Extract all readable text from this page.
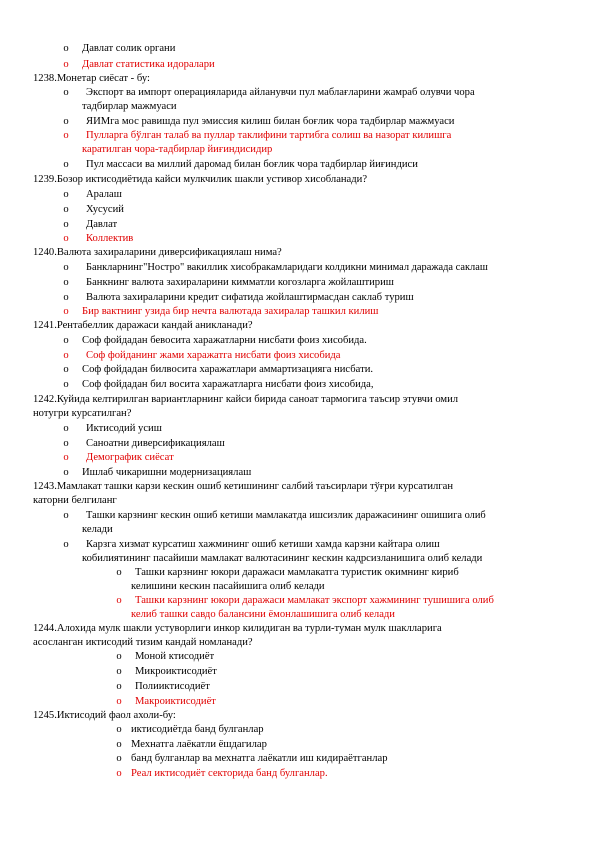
o Давлат солик органи
o Давлат статистика идоралари
1238.Монетар сиёсат - бу:
o Экспорт ва импорт операцияларида айланувчи пул маблағларини жамраб олувчи чора
тадбирлар мажмуаси
o ЯИМга мос равишда пул эмиссия килиш билан боғлик чора тадбирлар мажмуаси
o Пулларга бўлган талаб ва пуллар таклифини тартибга солиш ва назорат килишга
каратилган чора-тадбирлар йиғиндисидир
o Пул массаси ва миллий даромад билан боғлик чора тадбирлар йиғиндиси
1239.Бозор иктисодиётида кайси мулкчилик шакли устивор хисобланади?
o Аралаш
o Хусусий
o Давлат
o Коллектив
1240.Валюта захираларини диверсификациялаш нима?
o Банкларнинг"Ностро" вакиллик хисобракамларидаги колдикни минимал даражада саклаш
o Банкнинг валюта захираларини кимматли когозларга жойлаштириш
o Валюта захираларини кредит сифатида жойлаштирмасдан саклаб туриш
o Бир вактнинг узида бир нечта валютада захиралар ташкил килиш
1241.Рентабеллик даражаси кандай аникланади?
o Соф фойдадан бевосита харажатларни нисбати фоиз хисобида.
o Соф фойданинг жами харажатга нисбати фоиз хисобида
o Соф фойдадан билвосита харажатлари аммартизацияга нисбати.
o Соф фойдадан бил восита харажатларга нисбати фоиз хисобида,
1242.Куйида келтирилган вариантларнинг кайси бирида саноат тармогига таъсир этувчи омил
нотугри курсатилган?
o Иктисодий усиш
o Саноатни диверсификациялаш
o Демографик сиёсат
o Ишлаб чикаришни модернизациялаш
1243.Мамлакат ташки карзи кескин ошиб кетишининг салбий таъсирлари тўғри курсатилган
каторни белгиланг
o Ташки карзнинг кескин ошиб кетиши мамлакатда ишсизлик даражасининг ошишига олиб
келади
o Карзга хизмат курсатиш хажмининг ошиб кетиши хамда карзни кайтара олиш
кобилиятининг пасайиши мамлакат валютасининг кескин кадрсизланишига олиб келади
o Ташки карзнинг юкори даражаси мамлакатга туристик окимнинг кириб
келишини кескин пасайишига олиб келади
o Ташки карзнинг юкори даражаси мамлакат экспорт хажмининг тушишига олиб
келиб ташки савдо балансини ёмонлашишига олиб келади
1244.Алохида мулк шакли устуворлиги инкор килидиган ва турли-туман мулк шаклларига
асосланган иктисодий тизим кандай номланади?
o Моной ктисодиёт
o Микроиктисодиёт
o Полииктисодиёт
o Макроиктисодиёт
1245.Иктисодий фаол ахоли-бу:
o иктисодиётда банд булганлар
o Мехнатга лаёкатли ёшдагилар
o банд булганлар ва мехнатга лаёкатли иш кидираётганлар
o Реал иктисодиёт секторида банд булганлар.
